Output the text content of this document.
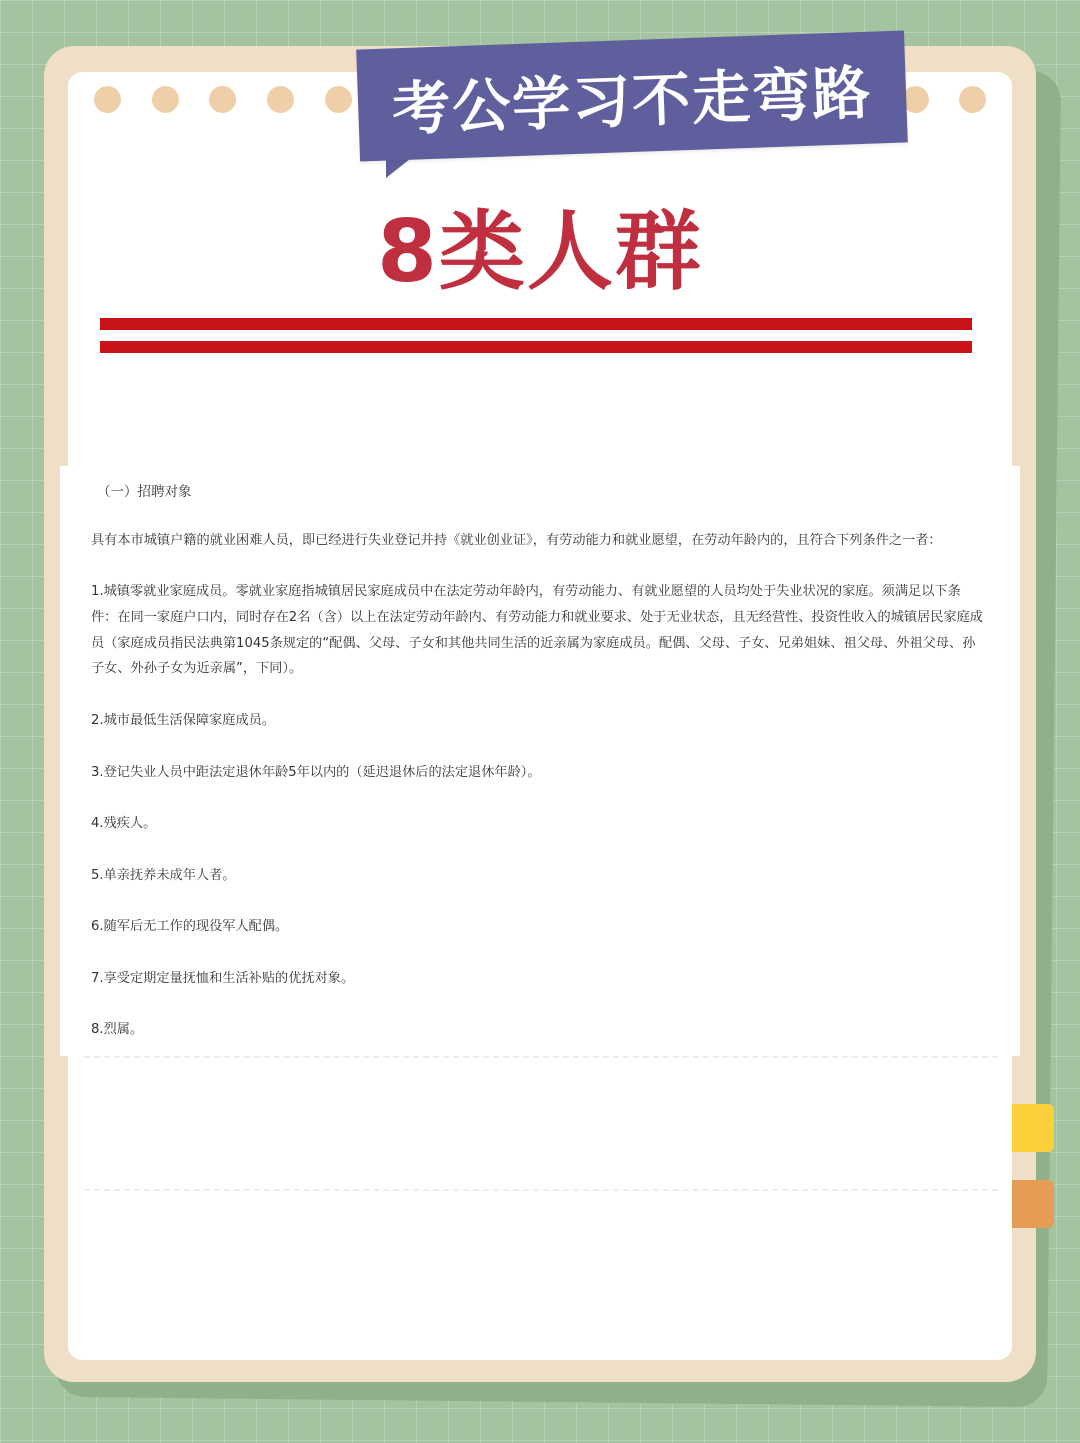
考公学习不走弯路
8类人群
（一）招聘对象
具有本市城镇户籍的就业困难人员，即已经进行失业登记并持《就业创业证》，有劳动能力和就业愿望，在劳动年龄内的，且符合下列条件之一者：
1.城镇零就业家庭成员。零就业家庭指城镇居民家庭成员中在法定劳动年龄内，有劳动能力、有就业愿望的人员均处于失业状况的家庭。须满足以下条件：在同一家庭户口内，同时存在2名（含）以上在法定劳动年龄内、有劳动能力和就业要求、处于无业状态，且无经营性、投资性收入的城镇居民家庭成员（家庭成员指民法典第1045条规定的“配偶、父母、子女和其他共同生活的近亲属为家庭成员。配偶、父母、子女、兄弟姐妹、祖父母、外祖父母、孙子女、外孙子女为近亲属”，下同）。
2.城市最低生活保障家庭成员。
3.登记失业人员中距法定退休年龄5年以内的（延迟退休后的法定退休年龄）。
4.残疾人。
5.单亲抚养未成年人者。
6.随军后无工作的现役军人配偶。
7.享受定期定量抚恤和生活补贴的优抚对象。
8.烈属。
